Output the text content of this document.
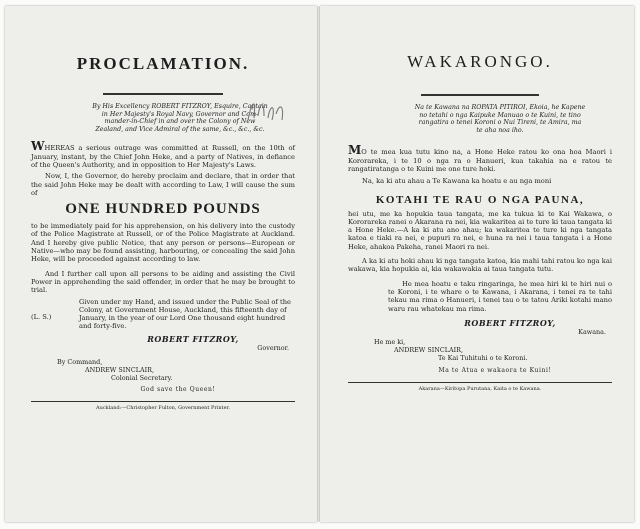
PROCLAMATION.
By His Excellency ROBERT FITZROY, Esquire, Captain
in Her Majesty's Royal Navy, Governor and Com-
mander-in-Chief in and over the Colony of New
Zealand, and Vice Admiral of the same, &c., &c., &c.

WHEREAS a serious outrage was committed at Russell, on the 10th of January, instant, by the Chief John Heke, and a party of Natives, in defiance of the Queen's Authority, and in opposition to Her Majesty's Laws.

Now, I, the Governor, do hereby proclaim and declare, that in order that the said John Heke may be dealt with according to Law, I will cause the sum of

ONE HUNDRED POUNDS

to be immediately paid for his apprehension, on his delivery into the custody of the Police Magistrate at Russell, or of the Police Magistrate at Auckland. And I hereby give public Notice, that any person or persons—European or Native—who may be found assisting, harbouring, or concealing the said John Heke, will be proceeded against according to law.

And I further call upon all persons to be aiding and assisting the Civil Power in apprehending the said offender, in order that he may be brought to trial.

(L. S.)
Given under my Hand, and issued under the Public Seal of the Colony, at Government House, Auckland, this fifteenth day of January, in the year of our Lord One thousand eight hundred and forty-five.
ROBERT FITZROY,
Governor.
By Command,
ANDREW SINCLAIR,
Colonial Secretary.
God save the Queen!
Auckland:—Christopher Fulton, Government Printer.
WAKARONGO.
Na te Kawana na ROPATA PITIROI, Ekoia, he Kapene
no tetahi o nga Kaipuke Manuao o te Kuini, te tino
rangatira o tenei Koroni o Nui Tireni, te Amira, ma
te aha noa iho.

MO te mea kua tutu kino na, a Hone Heke ratou ko ona hoa Maori i Kororareka, i te 10 o nga ra o Hanueri, kua takahia na e ratou te rangatiratanga o te Kuini me one ture hoki.

Na, ka ki atu ahau a Te Kawana ka hoatu e au nga moni

KOTAHI TE RAU O NGA PAUNA,

hei utu, me ka hopukia taua tangata, me ka tukua ki te Kai Wakawa, o Kororareka ranei o Akarana ra nei, kia wakaritea ai te ture ki taua tangata ki a Hone Heke.—A ka ki atu ano ahau; ka wakaritea te ture ki nga tangata katoa e tiaki ra nei, e pupuri ra nei, e huna ra nei i taua tangata i a Hone Heke, ahakoa Pakeha, ranei Maori ra nei.

A ka ki atu hoki ahau ki nga tangata katoa, kia mahi tahi ratou ko nga kai wakawa, kia hopukia ai, kia wakawakia ai taua tangata tutu.

He mea hoatu e taku ringaringa, he mea hiri ki te hiri nui o te Koroni, i te whare o te Kawana, i Akarana, i tenei ra te tahi tekau ma rima o Hanueri, i tenei tau o te tatou Ariki kotahi mano waru rau whatekau ma rima.

ROBERT FITZROY,
Kawana.
He me ki,
ANDREW SINCLAIR,
Te Kai Tuhituhi o te Koroni.
Ma te Atua e wakaora te Kuini!
Akarana—Kiritopa Purutana, Kaita o te Kawana.
